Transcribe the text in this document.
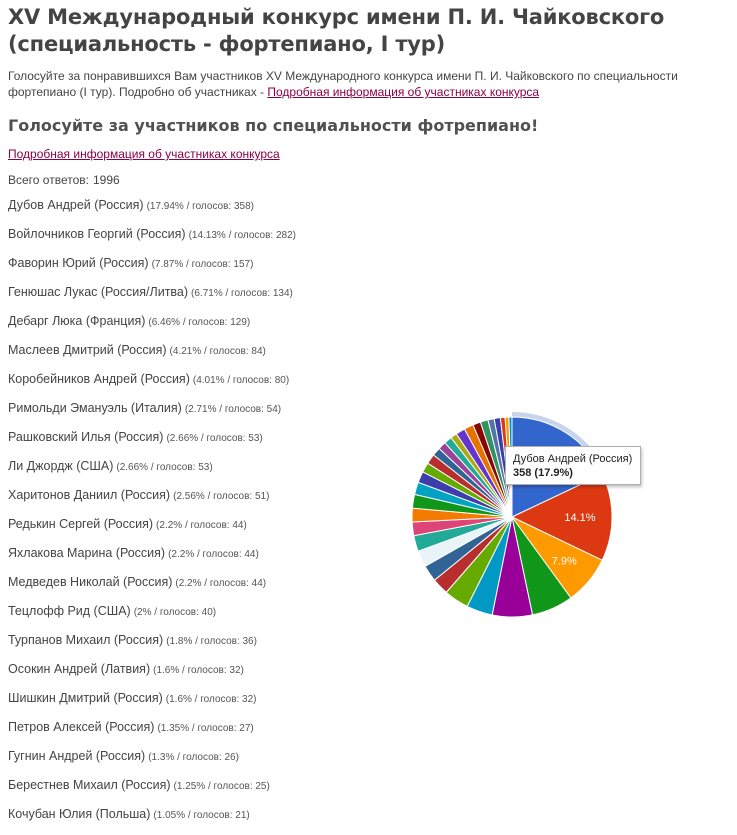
XV Международный конкурс имени П. И. Чайковского (специальность - фортепиано, I тур)
Голосуйте за понравившихся Вам участников XV Международного конкурса имени П. И. Чайковского по специальности фортепиано (I тур). Подробно об участниках - Подробная информация об участниках конкурса
Голосуйте за участников по специальности фотрепиано!
Подробная информация об участниках конкурса
Всего ответов: 1996
Дубов Андрей (Россия) (17.94% / голосов: 358)
Войлочников Георгий (Россия) (14.13% / голосов: 282)
Фаворин Юрий (Россия) (7.87% / голосов: 157)
Генюшас Лукас (Россия/Литва) (6.71% / голосов: 134)
Дебарг Люка (Франция) (6.46% / голосов: 129)
Маслеев Дмитрий (Россия) (4.21% / голосов: 84)
Коробейников Андрей (Россия) (4.01% / голосов: 80)
Римольди Эмануэль (Италия) (2.71% / голосов: 54)
Рашковский Илья (Россия) (2.66% / голосов: 53)
Ли Джордж (США) (2.66% / голосов: 53)
Харитонов Даниил (Россия) (2.56% / голосов: 51)
Редькин Сергей (Россия) (2.2% / голосов: 44)
Яхлакова Марина (Россия) (2.2% / голосов: 44)
Медведев Николай (Россия) (2.2% / голосов: 44)
Тецлофф Рид (США) (2% / голосов: 40)
Турпанов Михаил (Россия) (1.8% / голосов: 36)
Осокин Андрей (Латвия) (1.6% / голосов: 32)
Шишкин Дмитрий (Россия) (1.6% / голосов: 32)
Петров Алексей (Россия) (1.35% / голосов: 27)
Гугнин Андрей (Россия) (1.3% / голосов: 26)
Берестнев Михаил (Россия) (1.25% / голосов: 25)
Кочубан Юлия (Польша) (1.05% / голосов: 21)
14.1%
7.9%
Дубов Андрей (Россия)
358 (17.9%)
